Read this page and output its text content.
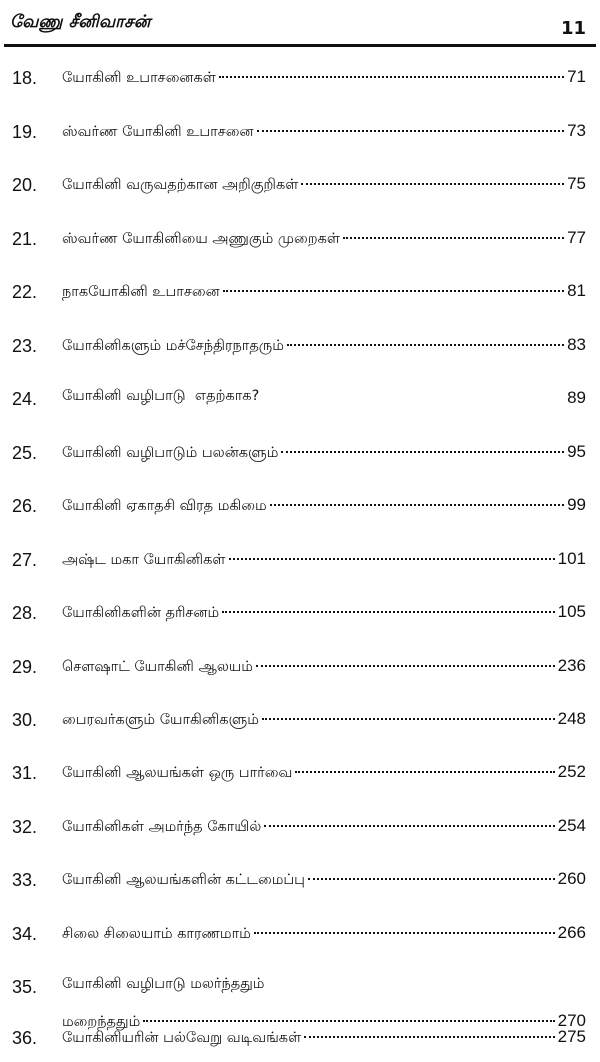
வேணு சீனிவாசன்	11
18. யோகினி உபாசனைகள்	71
19. ஸ்வர்ண யோகினி உபாசனை	73
20. யோகினி வருவதற்கான அறிகுறிகள்	75
21. ஸ்வர்ண யோகினியை அணுகும் முறைகள்	77
22. நாகயோகினி உபாசனை	81
23. யோகினிகளும் மச்சேந்திரநாதரும்	83
24. யோகினி வழிபாடு  எதற்காக?	89
25. யோகினி வழிபாடும் பலன்களும்	95
26. யோகினி ஏகாதசி விரத மகிமை	99
27. அஷ்ட மகா யோகினிகள்	101
28. யோகினிகளின் தரிசனம்	105
29. சௌஷாட் யோகினி ஆலயம்	236
30. பைரவர்களும் யோகினிகளும்	248
31. யோகினி ஆலயங்கள் ஒரு பார்வை	252
32. யோகினிகள் அமர்ந்த கோயில்	254
33. யோகினி ஆலயங்களின் கட்டமைப்பு	260
34. சிலை சிலையாம் காரணமாம்	266
35. யோகினி வழிபாடு மலர்ந்ததும்
மறைந்ததும்	270
36. யோகினியரின் பல்வேறு வடிவங்கள்	275
